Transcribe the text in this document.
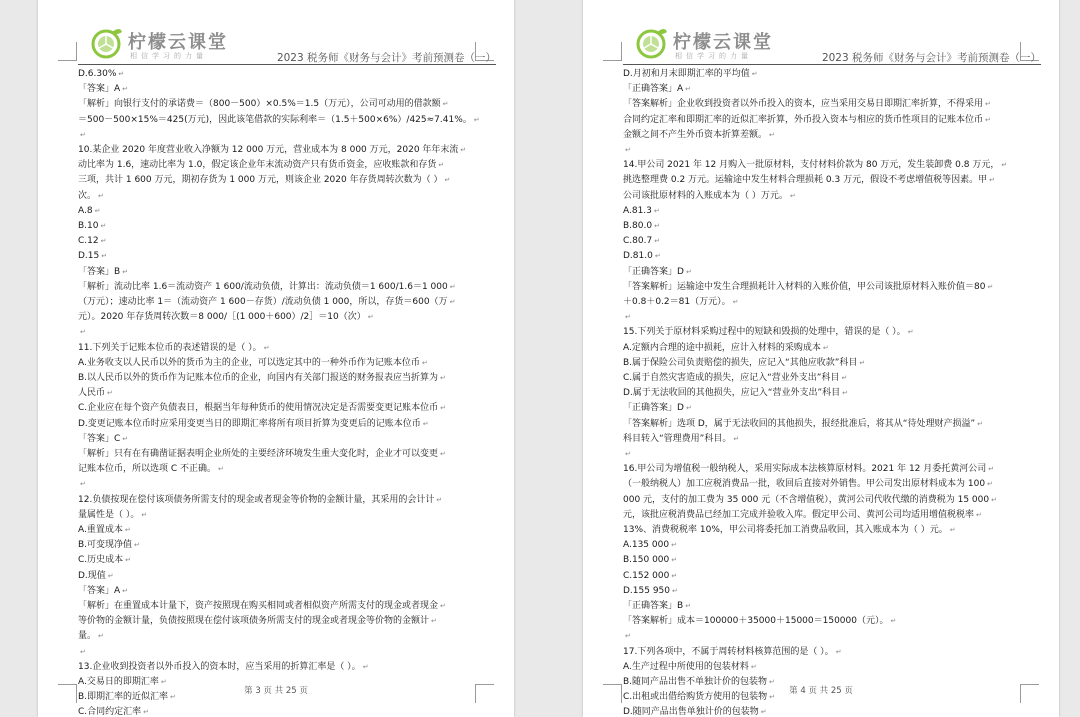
柠檬云课堂
相信学习的力量	2023 税务师《财务与会计》考前预测卷（一）

D.6.30% ↵

「答案」A ↵

「解析」向银行支付的承诺费＝（800－500）×0.5%＝1.5（万元），公司可动用的借款额 ↵

＝500－500×15%＝425(万元)，因此该笔借款的实际利率＝（1.5＋500×6%）/425≈7.41%。 ↵

↵

10.某企业 2020 年度营业收入净额为 12 000 万元，营业成本为 8 000 万元，2020 年年末流 ↵

动比率为 1.6，速动比率为 1.0，假定该企业年末流动资产只有货币资金，应收账款和存货 ↵

三项，共计 1 600 万元，期初存货为 1 000 万元，则该企业 2020 年存货周转次数为（ ） ↵

次。 ↵

A.8 ↵

B.10 ↵

C.12 ↵

D.15 ↵

「答案」B ↵

「解析」流动比率 1.6＝流动资产 1 600/流动负债，计算出：流动负债＝1 600/1.6＝1 000 ↵

（万元）；速动比率 1＝（流动资产 1 600－存货）/流动负债 1 000，所以，存货＝600（万 ↵

元）。2020 年存货周转次数＝8 000/［(1 000＋600）/2］＝10（次） ↵

↵

11.下列关于记账本位币的表述错误的是（ ）。 ↵

A.业务收支以人民币以外的货币为主的企业，可以选定其中的一种外币作为记账本位币 ↵

B.以人民币以外的货币作为记账本位币的企业，向国内有关部门报送的财务报表应当折算为 ↵

人民币 ↵

C.企业应在每个资产负债表日，根据当年每种货币的使用情况决定是否需要变更记账本位币 ↵

D.变更记账本位币时应采用变更当日的即期汇率将所有项目折算为变更后的记账本位币 ↵

「答案」C ↵

「解析」只有在有确凿证据表明企业所处的主要经济环境发生重大变化时，企业才可以变更 ↵

记账本位币，所以选项 C 不正确。 ↵

↵

12.负债按现在偿付该项债务所需支付的现金或者现金等价物的金额计量，其采用的会计计 ↵

量属性是（ ）。 ↵

A.重置成本 ↵

B.可变现净值 ↵

C.历史成本 ↵

D.现值 ↵

「答案」A ↵

「解析」在重置成本计量下，资产按照现在购买相同或者相似资产所需支付的现金或者现金 ↵

等价物的金额计量，负债按照现在偿付该项债务所需支付的现金或者现金等价物的金额计 ↵

量。 ↵

↵

13.企业收到投资者以外币投入的资本时，应当采用的折算汇率是（ ）。 ↵

A.交易日的即期汇率 ↵

B.即期汇率的近似汇率 ↵

C.合同约定汇率 ↵

第 3 页 共 25 页
柠檬云课堂
相信学习的力量	2023 税务师《财务与会计》考前预测卷（一）

D.月初和月末即期汇率的平均值 ↵

「正确答案」A ↵

「答案解析」企业收到投资者以外币投入的资本，应当采用交易日即期汇率折算，不得采用 ↵

合同约定汇率和即期汇率的近似汇率折算，外币投入资本与相应的货币性项目的记账本位币 ↵

金额之间不产生外币资本折算差额。 ↵

↵

14.甲公司 2021 年 12 月购入一批原材料，支付材料价款为 80 万元，发生装卸费 0.8 万元， ↵

挑选整理费 0.2 万元。运输途中发生材料合理损耗 0.3 万元，假设不考虑增值税等因素。甲 ↵

公司该批原材料的入账成本为（ ）万元。 ↵

A.81.3 ↵

B.80.0 ↵

C.80.7 ↵

D.81.0 ↵

「正确答案」D ↵

「答案解析」运输途中发生合理损耗计入材料的入账价值，甲公司该批原材料入账价值＝80 ↵

＋0.8＋0.2＝81（万元）。 ↵

↵

15.下列关于原材料采购过程中的短缺和毁损的处理中，错误的是（ ）。 ↵

A.定额内合理的途中损耗，应计入材料的采购成本 ↵

B.属于保险公司负责赔偿的损失，应记入“其他应收款”科目 ↵

C.属于自然灾害造成的损失，应记入“营业外支出”科目 ↵

D.属于无法收回的其他损失，应记入“营业外支出”科目 ↵

「正确答案」D ↵

「答案解析」选项 D，属于无法收回的其他损失，报经批准后，将其从“待处理财产损溢” ↵

科目转入“管理费用”科目。 ↵

↵

16.甲公司为增值税一般纳税人，采用实际成本法核算原材料。2021 年 12 月委托黄河公司 ↵

（一般纳税人）加工应税消费品一批，收回后直接对外销售。甲公司发出原材料成本为 100 ↵

000 元，支付的加工费为 35 000 元（不含增值税），黄河公司代收代缴的消费税为 15 000 ↵

元，该批应税消费品已经加工完成并验收入库。假定甲公司、黄河公司均适用增值税税率 ↵

13%、消费税税率 10%，甲公司将委托加工消费品收回，其入账成本为（ ）元。 ↵

A.135 000 ↵

B.150 000 ↵

C.152 000 ↵

D.155 950 ↵

「正确答案」B ↵

「答案解析」成本＝100000＋35000＋15000＝150000（元）。 ↵

↵

17.下列各项中，不属于周转材料核算范围的是（ ）。 ↵

A.生产过程中所使用的包装材料 ↵

B.随同产品出售不单独计价的包装物 ↵

C.出租或出借给购货方使用的包装物 ↵

D.随同产品出售单独计价的包装物 ↵

第 4 页 共 25 页
